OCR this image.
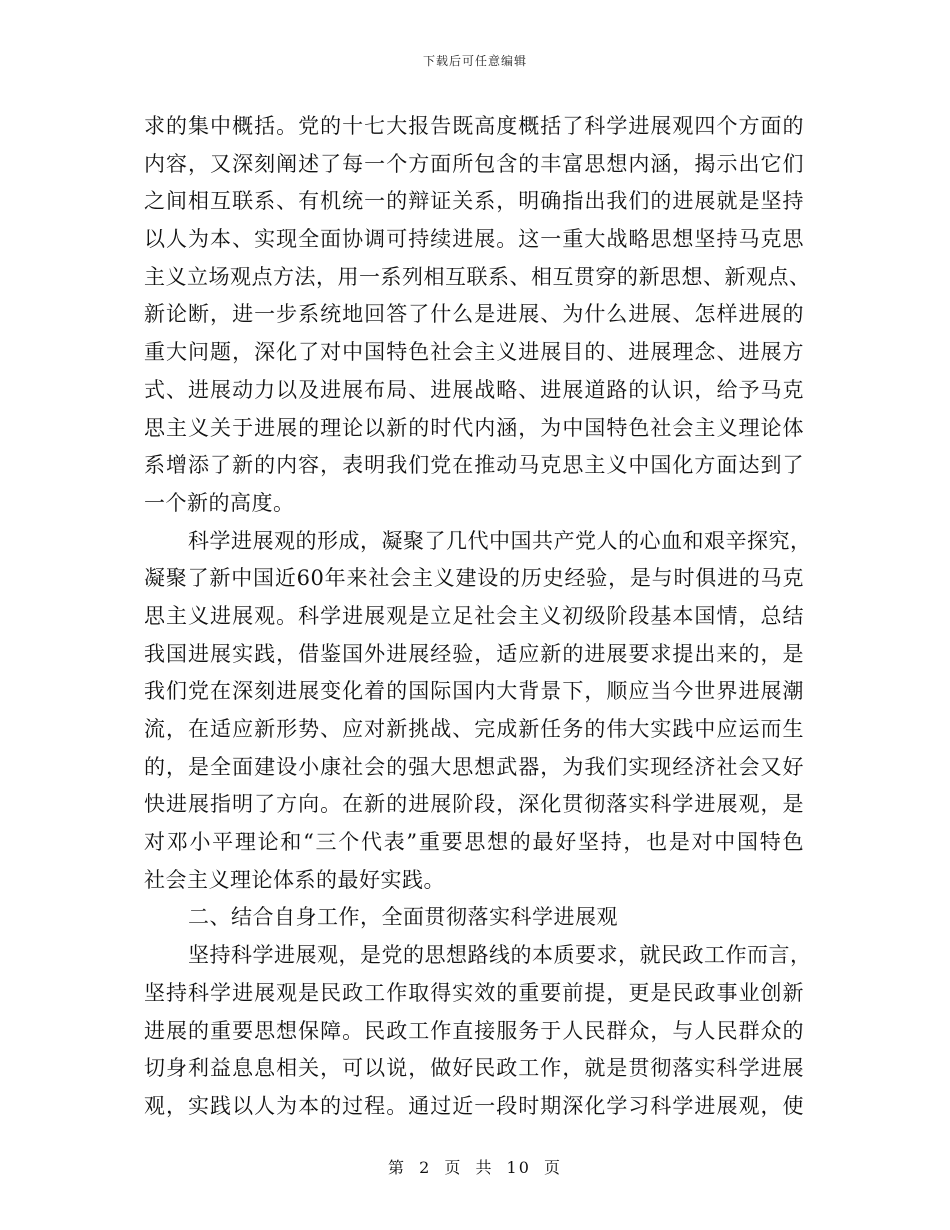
下载后可任意编辑
求的集中概括。党的十七大报告既高度概括了科学进展观四个方面的
内容，又深刻阐述了每一个方面所包含的丰富思想内涵，揭示出它们
之间相互联系、有机统一的辩证关系，明确指出我们的进展就是坚持
以人为本、实现全面协调可持续进展。这一重大战略思想坚持马克思
主义立场观点方法，用一系列相互联系、相互贯穿的新思想、新观点、
新论断，进一步系统地回答了什么是进展、为什么进展、怎样进展的
重大问题，深化了对中国特色社会主义进展目的、进展理念、进展方
式、进展动力以及进展布局、进展战略、进展道路的认识，给予马克
思主义关于进展的理论以新的时代内涵，为中国特色社会主义理论体
系增添了新的内容，表明我们党在推动马克思主义中国化方面达到了
一个新的高度。
科学进展观的形成，凝聚了几代中国共产党人的心血和艰辛探究，
凝聚了新中国近60年来社会主义建设的历史经验，是与时俱进的马克
思主义进展观。科学进展观是立足社会主义初级阶段基本国情，总结
我国进展实践，借鉴国外进展经验，适应新的进展要求提出来的，是
我们党在深刻进展变化着的国际国内大背景下，顺应当今世界进展潮
流，在适应新形势、应对新挑战、完成新任务的伟大实践中应运而生
的，是全面建设小康社会的强大思想武器，为我们实现经济社会又好
快进展指明了方向。在新的进展阶段，深化贯彻落实科学进展观，是
对邓小平理论和“三个代表”重要思想的最好坚持，也是对中国特色
社会主义理论体系的最好实践。
二、结合自身工作，全面贯彻落实科学进展观
坚持科学进展观，是党的思想路线的本质要求，就民政工作而言，
坚持科学进展观是民政工作取得实效的重要前提，更是民政事业创新
进展的重要思想保障。民政工作直接服务于人民群众，与人民群众的
切身利益息息相关，可以说，做好民政工作，就是贯彻落实科学进展
观，实践以人为本的过程。通过近一段时期深化学习科学进展观，使
第 2 页 共 10 页
